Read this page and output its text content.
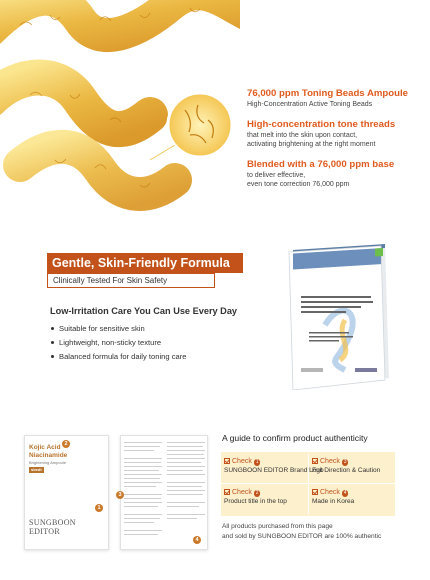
76,000 ppm Toning Beads Ampoule
High-Concentration Active Toning Beads
High-concentration tone threads
that melt into the skin upon contact,
activating brightening at the right moment
Blended with a 76,000 ppm base
to deliver effective,
even tone correction 76,000 ppm
Gentle, Skin-Friendly Formula
Clinically Tested For Skin Safety
Low-Irritation Care You Can Use Every Day
Suitable for sensitive skin
Lightweight, non-sticky texture
Balanced formula for daily toning care
Kojic Acid
Niacinamide
Brightening Ampoule
sbedt
SUNGBOON EDITOR
2
1
3
4
A guide to confirm product authenticity
Check 1
SUNGBOON EDITOR Brand Logo
Check 3
Full Direction & Caution
Check 2
Product title in the top
Check 4
Made in Korea
All products purchased from this page
and sold by SUNGBOON EDITOR are 100% authentic
